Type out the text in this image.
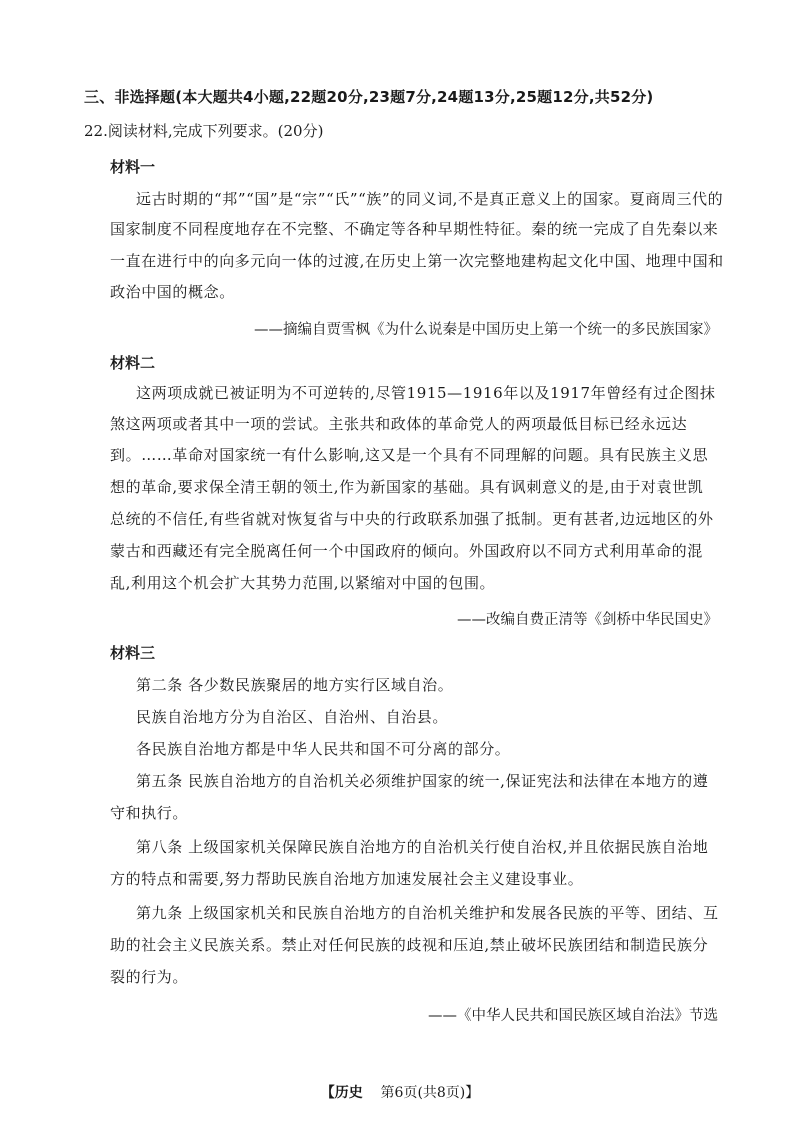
三、非选择题(本大题共4小题,22题20分,23题7分,24题13分,25题12分,共52分)
22.阅读材料,完成下列要求。(20分)
材料一
远古时期的“邦”“国”是“宗”“氏”“族”的同义词,不是真正意义上的国家。夏商周三代的
国家制度不同程度地存在不完整、不确定等各种早期性特征。秦的统一完成了自先秦以来
一直在进行中的向多元向一体的过渡,在历史上第一次完整地建构起文化中国、地理中国和
政治中国的概念。
——摘编自贾雪枫《为什么说秦是中国历史上第一个统一的多民族国家》
材料二
这两项成就已被证明为不可逆转的,尽管1915—1916年以及1917年曾经有过企图抹
煞这两项或者其中一项的尝试。主张共和政体的革命党人的两项最低目标已经永远达
到。……革命对国家统一有什么影响,这又是一个具有不同理解的问题。具有民族主义思
想的革命,要求保全清王朝的领土,作为新国家的基础。具有讽刺意义的是,由于对袁世凯
总统的不信任,有些省就对恢复省与中央的行政联系加强了抵制。更有甚者,边远地区的外
蒙古和西藏还有完全脱离任何一个中国政府的倾向。外国政府以不同方式利用革命的混
乱,利用这个机会扩大其势力范围,以紧缩对中国的包围。
——改编自费正清等《剑桥中华民国史》
材料三
第二条 各少数民族聚居的地方实行区域自治。
民族自治地方分为自治区、自治州、自治县。
各民族自治地方都是中华人民共和国不可分离的部分。
第五条 民族自治地方的自治机关必须维护国家的统一,保证宪法和法律在本地方的遵
守和执行。
第八条 上级国家机关保障民族自治地方的自治机关行使自治权,并且依据民族自治地
方的特点和需要,努力帮助民族自治地方加速发展社会主义建设事业。
第九条 上级国家机关和民族自治地方的自治机关维护和发展各民族的平等、团结、互
助的社会主义民族关系。禁止对任何民族的歧视和压迫,禁止破坏民族团结和制造民族分
裂的行为。
——《中华人民共和国民族区域自治法》节选
【历史 第6页(共8页)】
